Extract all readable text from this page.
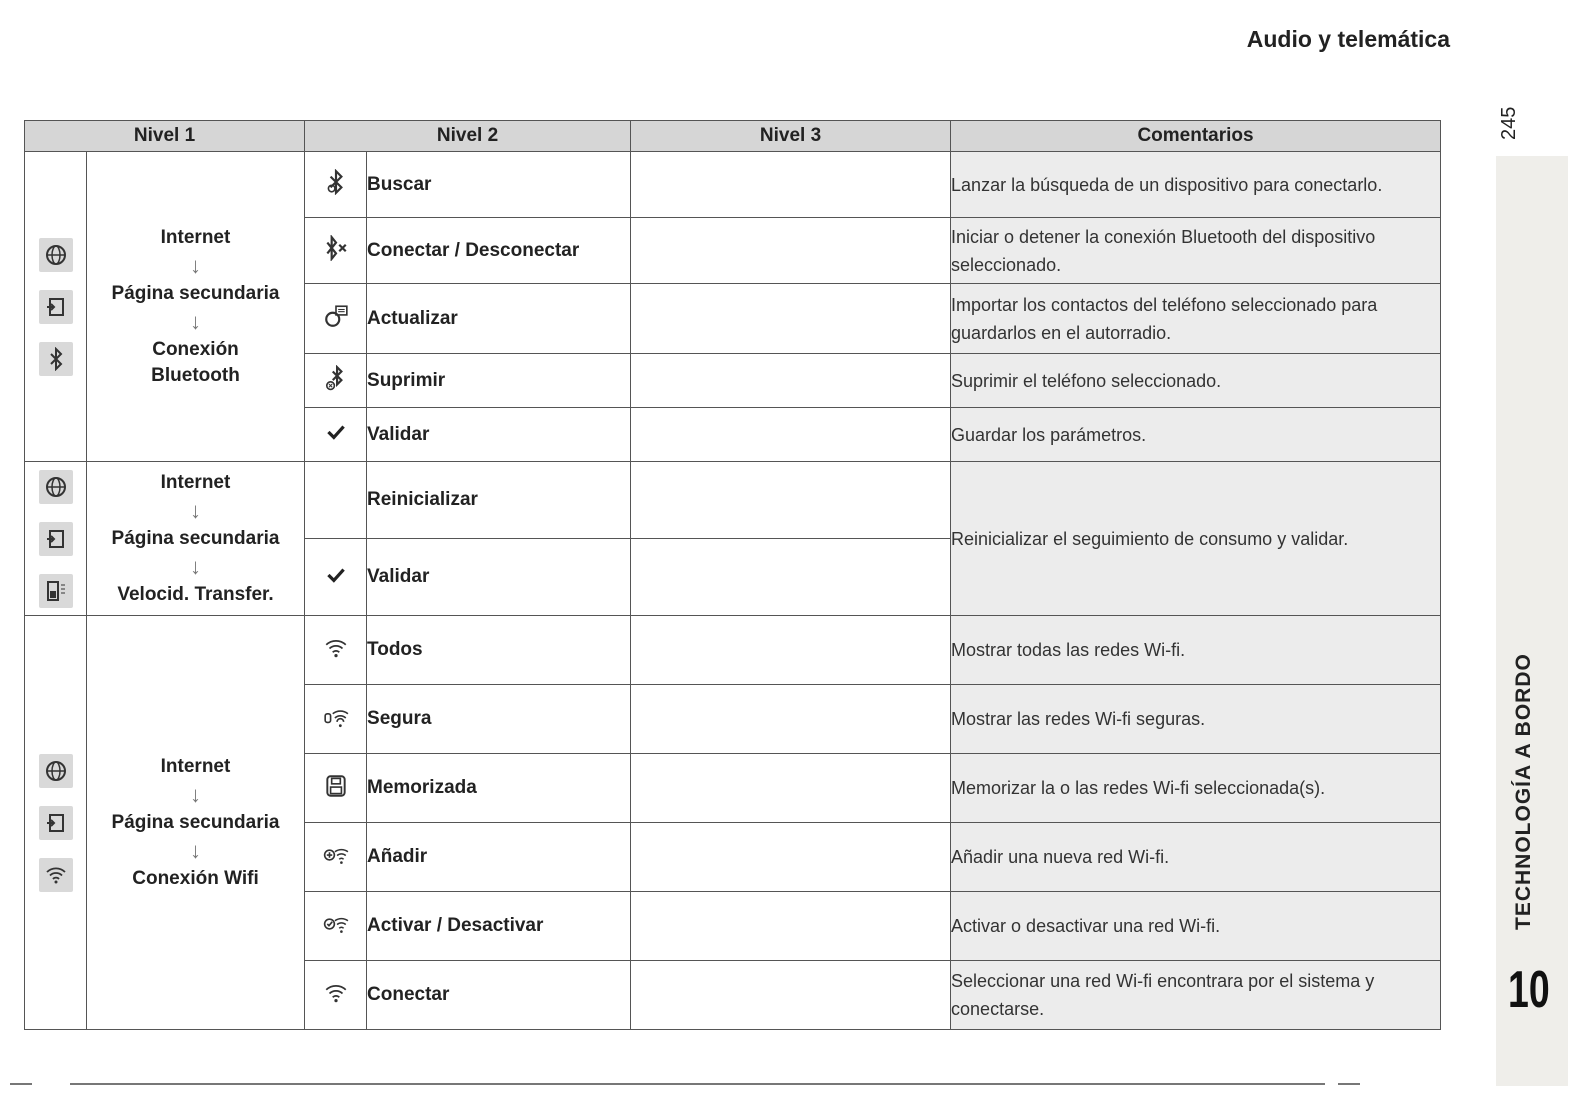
Audio y telemática
245
TECHNOLOGÍA A BORDO
10
Nivel 1		Nivel 2		Nivel 3	Comentarios

Internet
↓
Página secundaria
↓
Conexión Bluetooth		Buscar		Lanzar la búsqueda de un dispositivo para conectarlo.
	Conectar / Desconectar		Iniciar o detener la conexión Bluetooth del dispositivo seleccionado.
	Actualizar		Importar los contactos del teléfono seleccionado para guardarlos en el autorradio.
	Suprimir		Suprimir el teléfono seleccionado.
	Validar		Guardar los parámetros.

Internet
↓
Página secundaria
↓
Velocid. Transfer.		Reinicializar		Reinicializar el seguimiento de consumo y validar.
	Validar		

Internet
↓
Página secundaria
↓
Conexión Wifi		Todos		Mostrar todas las redes Wi-fi.
	Segura		Mostrar las redes Wi-fi seguras.
	Memorizada		Memorizar la o las redes Wi-fi seleccionada(s).
	Añadir		Añadir una nueva red Wi-fi.
	Activar / Desactivar		Activar o desactivar una red Wi-fi.
	Conectar		Seleccionar una red Wi-fi encontrara por el sistema y conectarse.
